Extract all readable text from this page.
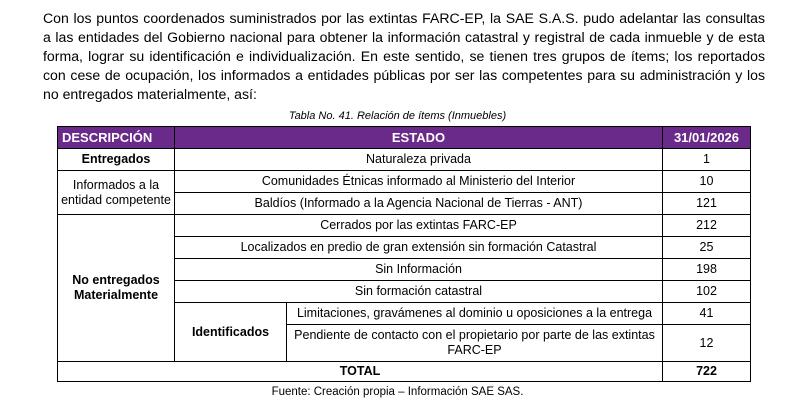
Con los puntos coordenados suministrados por las extintas FARC-EP, la SAE S.A.S. pudo adelantar las consultas a las entidades del Gobierno nacional para obtener la información catastral y registral de cada inmueble y de esta forma, lograr su identificación e individualización. En este sentido, se tienen tres grupos de ítems; los reportados con cese de ocupación, los informados a entidades públicas por ser las competentes para su administración y los no entregados materialmente, así:

Tabla No. 41. Relación de ítems (Inmuebles)
DESCRIPCIÓN	ESTADO		31/01/2026
Entregados	Naturaleza privada		1
Informados a la entidad competente	Comunidades Étnicas informado al Ministerio del Interior		10
	Baldíos (Informado a la Agencia Nacional de Tierras - ANT)		121
No entregados Materialmente	Cerrados por las extintas FARC-EP		212
	Localizados en predio de gran extensión sin formación Catastral		25
	Sin Información		198
	Sin formación catastral		102
	Identificados	Limitaciones, gravámenes al dominio u oposiciones a la entrega	41
		Pendiente de contacto con el propietario por parte de las extintas FARC-EP	12
TOTAL			722
Fuente: Creación propia – Información SAE SAS.
